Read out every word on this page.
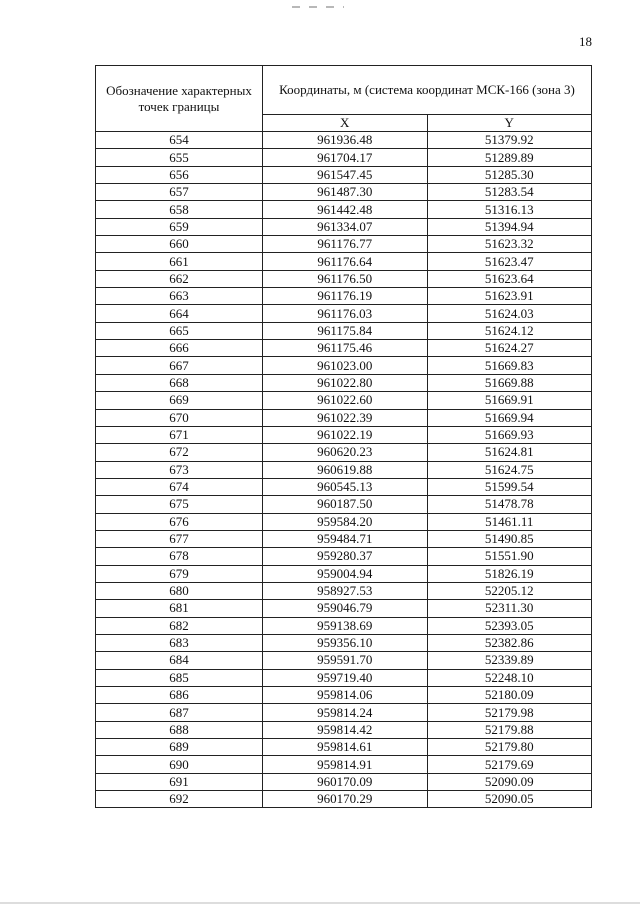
18
Обозначение характерных точек границы	Координаты, м (система координат МСК-166 (зона 3)	
	X	Y
654	961936.48	51379.92
655	961704.17	51289.89
656	961547.45	51285.30
657	961487.30	51283.54
658	961442.48	51316.13
659	961334.07	51394.94
660	961176.77	51623.32
661	961176.64	51623.47
662	961176.50	51623.64
663	961176.19	51623.91
664	961176.03	51624.03
665	961175.84	51624.12
666	961175.46	51624.27
667	961023.00	51669.83
668	961022.80	51669.88
669	961022.60	51669.91
670	961022.39	51669.94
671	961022.19	51669.93
672	960620.23	51624.81
673	960619.88	51624.75
674	960545.13	51599.54
675	960187.50	51478.78
676	959584.20	51461.11
677	959484.71	51490.85
678	959280.37	51551.90
679	959004.94	51826.19
680	958927.53	52205.12
681	959046.79	52311.30
682	959138.69	52393.05
683	959356.10	52382.86
684	959591.70	52339.89
685	959719.40	52248.10
686	959814.06	52180.09
687	959814.24	52179.98
688	959814.42	52179.88
689	959814.61	52179.80
690	959814.91	52179.69
691	960170.09	52090.09
692	960170.29	52090.05
